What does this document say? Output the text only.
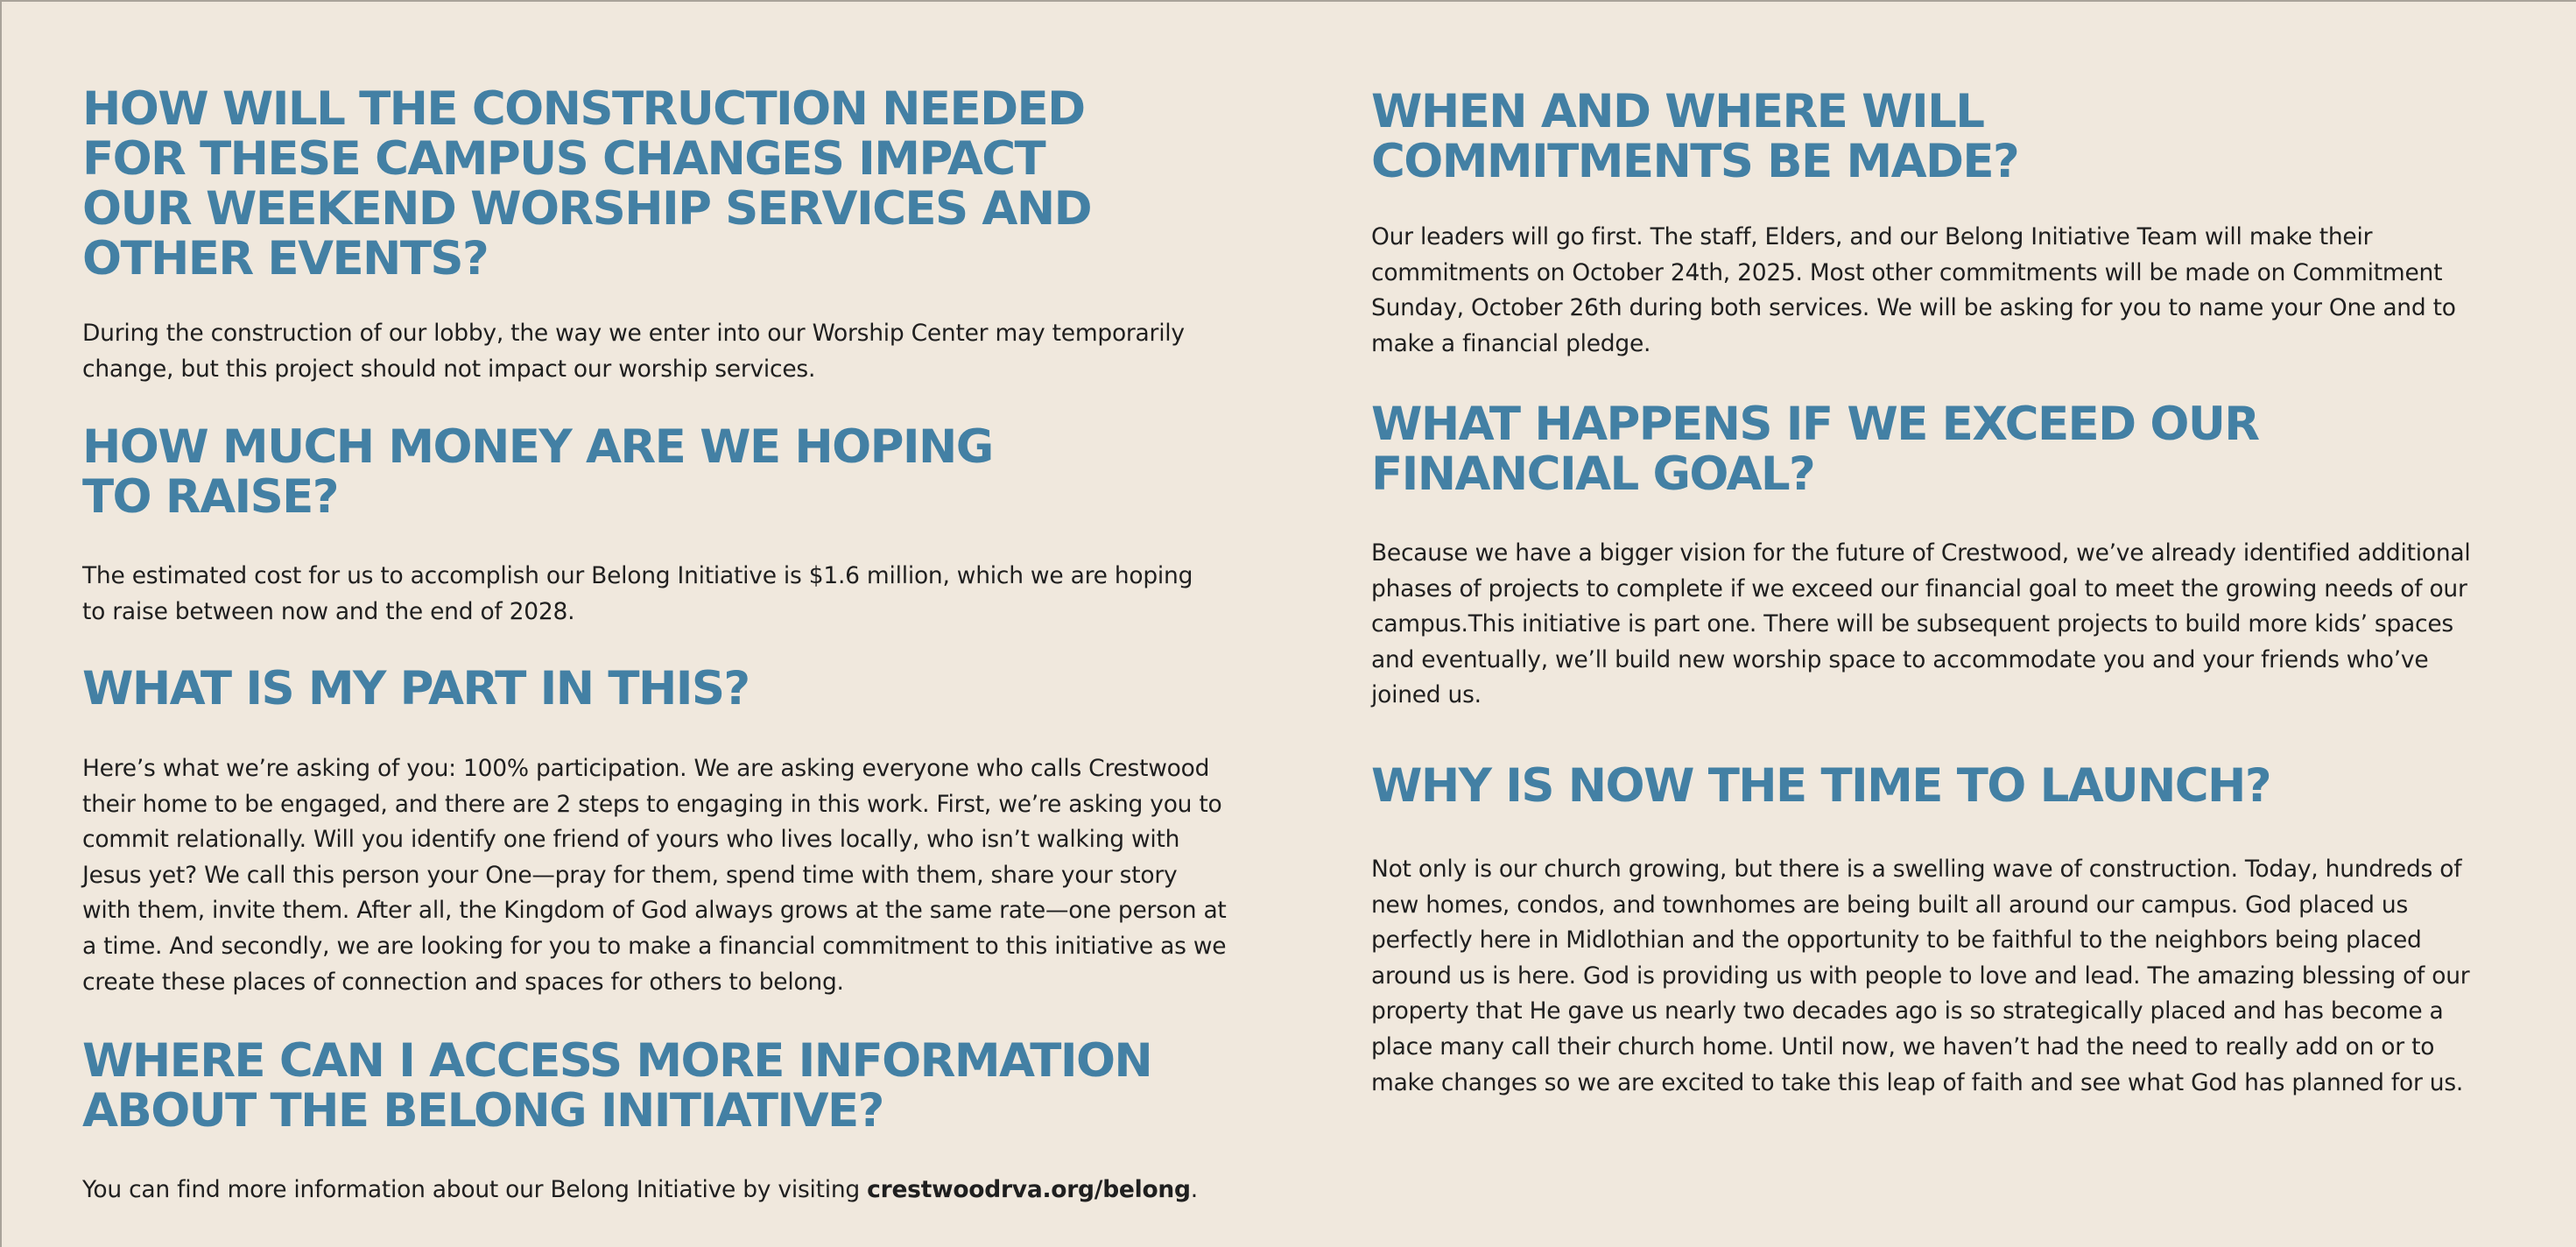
HOW WILL THE CONSTRUCTION NEEDED FOR THESE CAMPUS CHANGES IMPACT OUR WEEKEND WORSHIP SERVICES AND OTHER EVENTS?

During the construction of our lobby, the way we enter into our Worship Center may temporarily change, but this project should not impact our worship services.

HOW MUCH MONEY ARE WE HOPING TO RAISE?

The estimated cost for us to accomplish our Belong Initiative is $1.6 million, which we are hoping to raise between now and the end of 2028.

WHAT IS MY PART IN THIS?

Here’s what we’re asking of you: 100% participation. We are asking everyone who calls Crestwood their home to be engaged, and there are 2 steps to engaging in this work. First, we’re asking you to commit relationally. Will you identify one friend of yours who lives locally, who isn’t walking with Jesus yet? We call this person your One—pray for them, spend time with them, share your story with them, invite them. After all, the Kingdom of God always grows at the same rate—one person at a time. And secondly, we are looking for you to make a financial commitment to this initiative as we create these places of connection and spaces for others to belong.

WHERE CAN I ACCESS MORE INFORMATION ABOUT THE BELONG INITIATIVE?

You can find more information about our Belong Initiative by visiting crestwoodrva.org/belong.

WHEN AND WHERE WILL COMMITMENTS BE MADE?

Our leaders will go first. The staff, Elders, and our Belong Initiative Team will make their commitments on October 24th, 2025. Most other commitments will be made on Commitment Sunday, October 26th during both services. We will be asking for you to name your One and to make a financial pledge.

WHAT HAPPENS IF WE EXCEED OUR FINANCIAL GOAL?

Because we have a bigger vision for the future of Crestwood, we’ve already identified additional phases of projects to complete if we exceed our financial goal to meet the growing needs of our campus.This initiative is part one. There will be subsequent projects to build more kids’ spaces and eventually, we’ll build new worship space to accommodate you and your friends who’ve joined us.

WHY IS NOW THE TIME TO LAUNCH?

Not only is our church growing, but there is a swelling wave of construction. Today, hundreds of new homes, condos, and townhomes are being built all around our campus. God placed us perfectly here in Midlothian and the opportunity to be faithful to the neighbors being placed around us is here. God is providing us with people to love and lead. The amazing blessing of our property that He gave us nearly two decades ago is so strategically placed and has become a place many call their church home. Until now, we haven’t had the need to really add on or to make changes so we are excited to take this leap of faith and see what God has planned for us.
